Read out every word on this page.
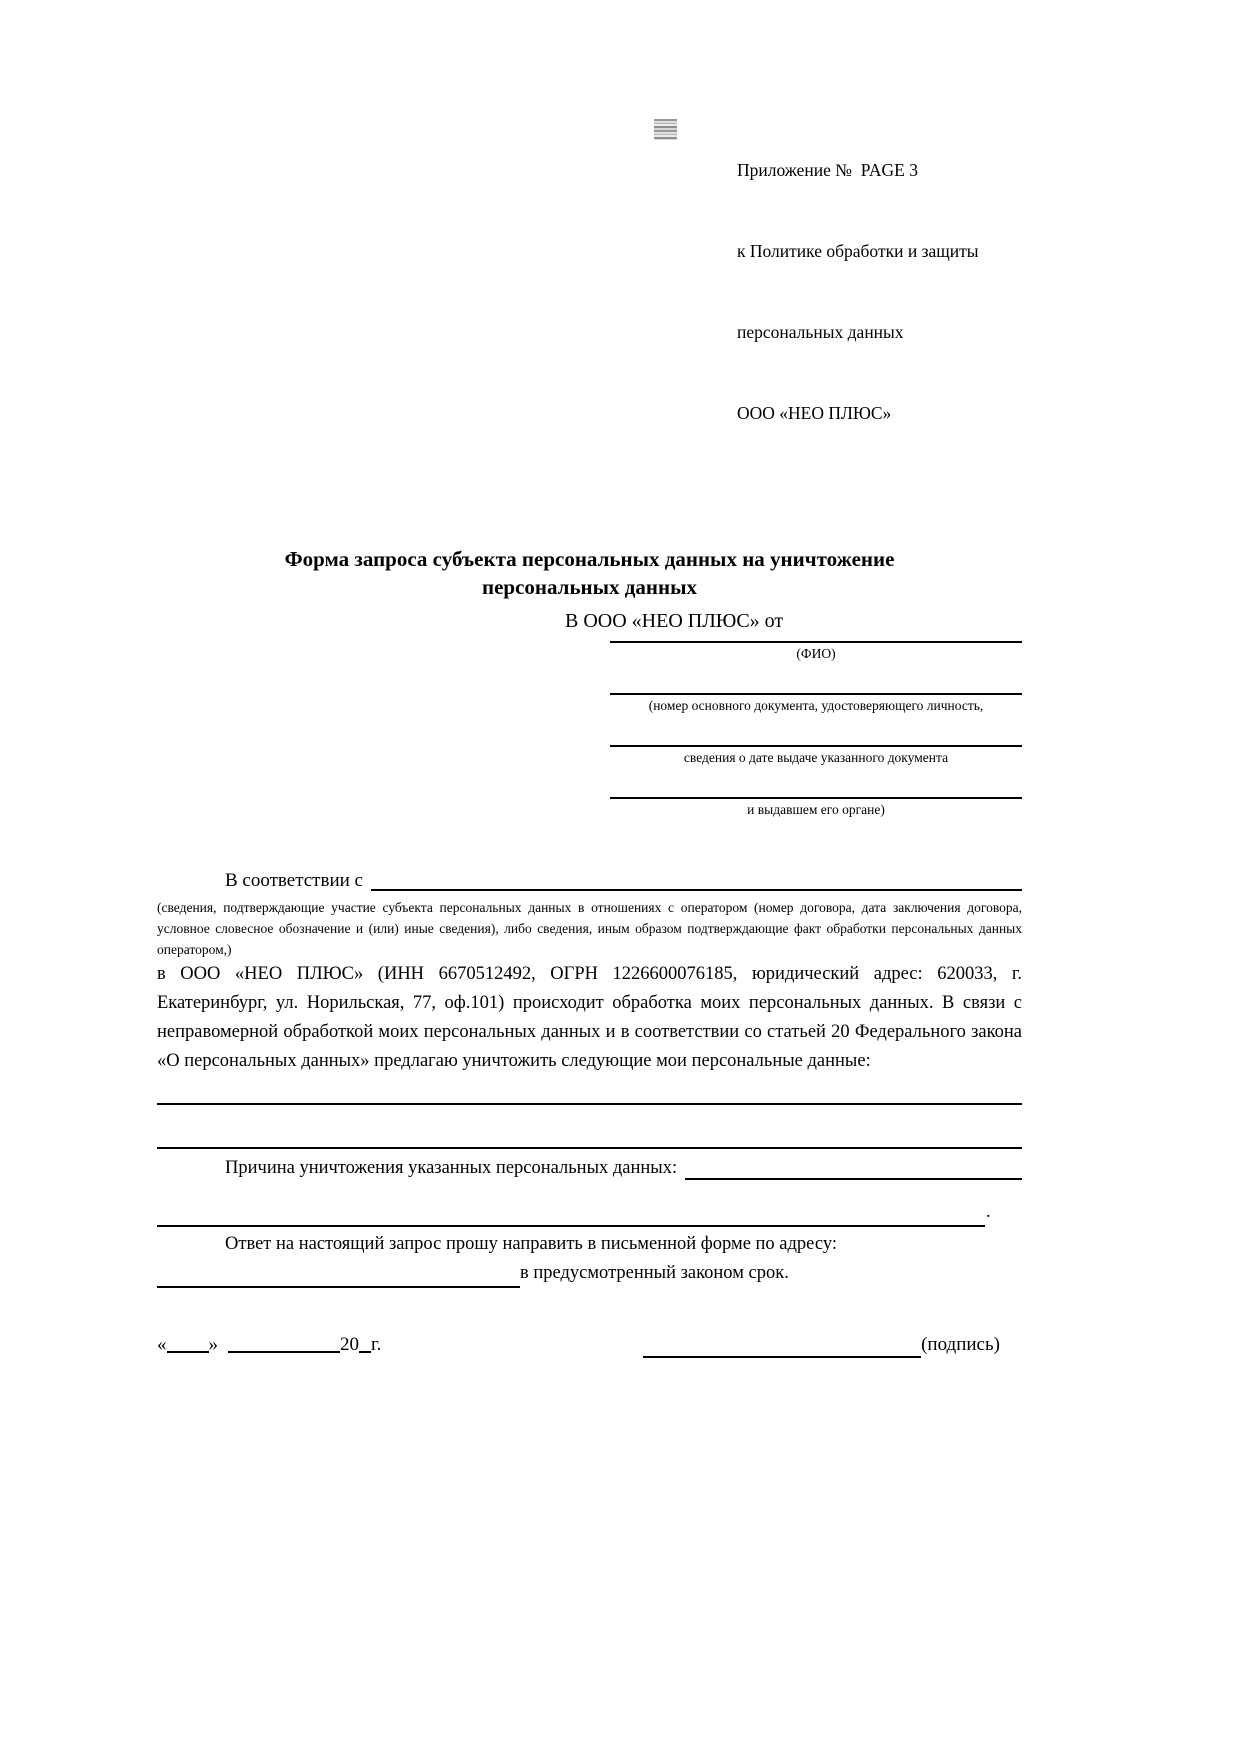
Приложение №  PAGE 3

к Политике обработки и защиты

персональных данных

ООО «НЕО ПЛЮС»

Форма запроса субъекта персональных данных на уничтожение
персональных данных
В ООО «НЕО ПЛЮС» от
(ФИО)
(номер основного документа, удостоверяющего личность,
сведения о дате выдаче указанного документа
и выдавшем его органе)
В соответствии с
(сведения, подтверждающие участие субъекта персональных данных в отношениях с оператором (номер договора, дата заключения договора, условное словесное обозначение и (или) иные сведения), либо сведения, иным образом подтверждающие факт обработки персональных данных оператором,)
в ООО «НЕО ПЛЮС» (ИНН 6670512492, ОГРН 1226600076185, юридический адрес: 620033, г. Екатеринбург, ул. Норильская, 77, оф.101) происходит обработка моих персональных данных. В связи с неправомерной обработкой моих персональных данных и в соответствии со статьей 20 Федерального закона «О персональных данных» предлагаю уничтожить следующие мои персональные данные:
Причина уничтожения указанных персональных данных:
.
Ответ на настоящий запрос прошу направить в письменной форме по адресу:
в предусмотренный законом срок.
« »	20 г.	(подпись)
